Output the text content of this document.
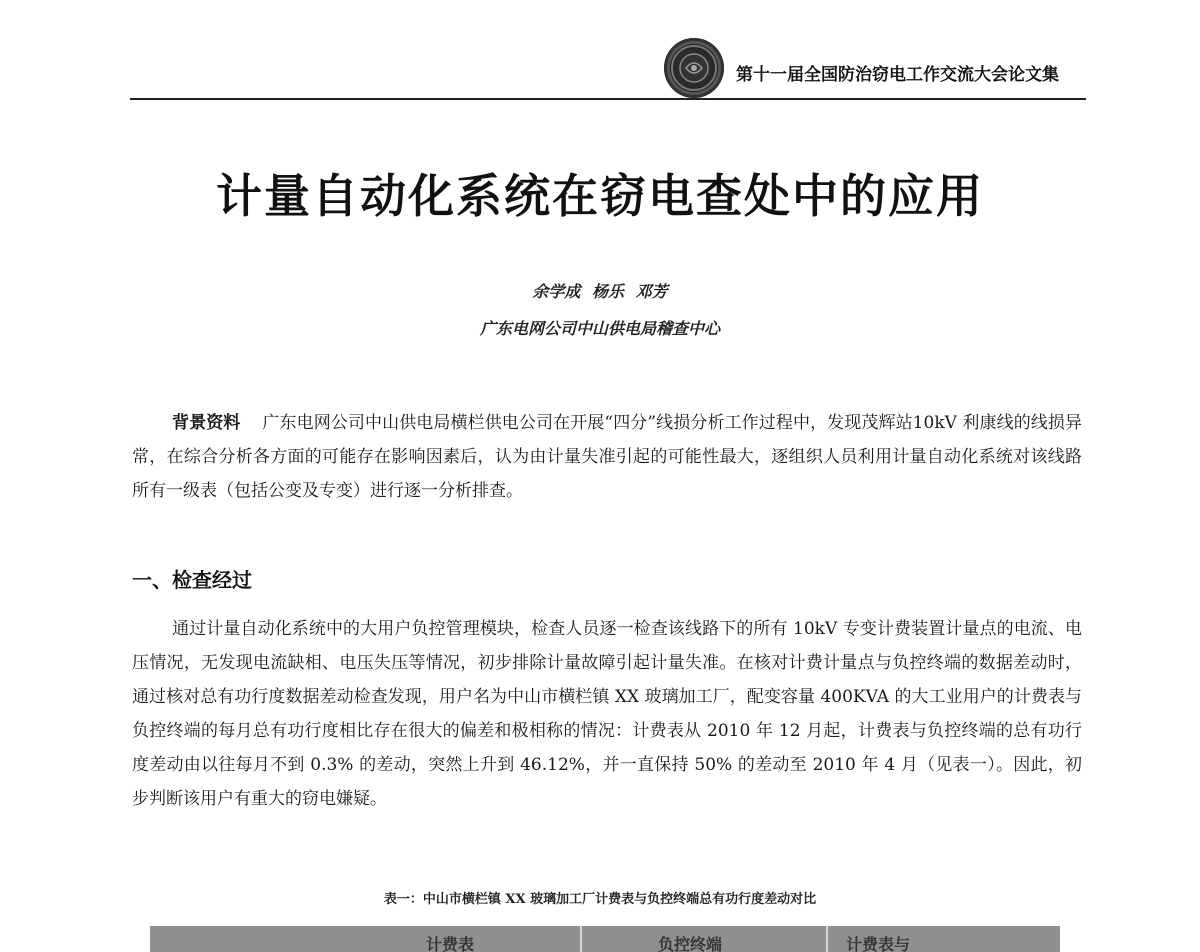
第十一届全国防治窃电工作交流大会论文集
计量自动化系统在窃电查处中的应用
余学成 杨乐 邓芳
广东电网公司中山供电局稽查中心
背景资料 广东电网公司中山供电局横栏供电公司在开展“四分”线损分析工作过程中，发现茂辉站10kV 利康线的线损异常，在综合分析各方面的可能存在影响因素后，认为由计量失准引起的可能性最大，逐组织人员利用计量自动化系统对该线路所有一级表（包括公变及专变）进行逐一分析排查。
一、检查经过
通过计量自动化系统中的大用户负控管理模块，检查人员逐一检查该线路下的所有 10kV 专变计费装置计量点的电流、电压情况，无发现电流缺相、电压失压等情况，初步排除计量故障引起计量失准。在核对计费计量点与负控终端的数据差动时，通过核对总有功行度数据差动检查发现，用户名为中山市横栏镇 XX 玻璃加工厂，配变容量 400KVA 的大工业用户的计费表与负控终端的每月总有功行度相比存在很大的偏差和极相称的情况：计费表从 2010 年 12 月起，计费表与负控终端的总有功行度差动由以往每月不到 0.3% 的差动，突然上升到 46.12%，并一直保持 50% 的差动至 2010 年 4 月（见表一）。因此，初步判断该用户有重大的窃电嫌疑。
表一：中山市横栏镇 XX 玻璃加工厂计费表与负控终端总有功行度差动对比
计费表	负控终端	计费表与
